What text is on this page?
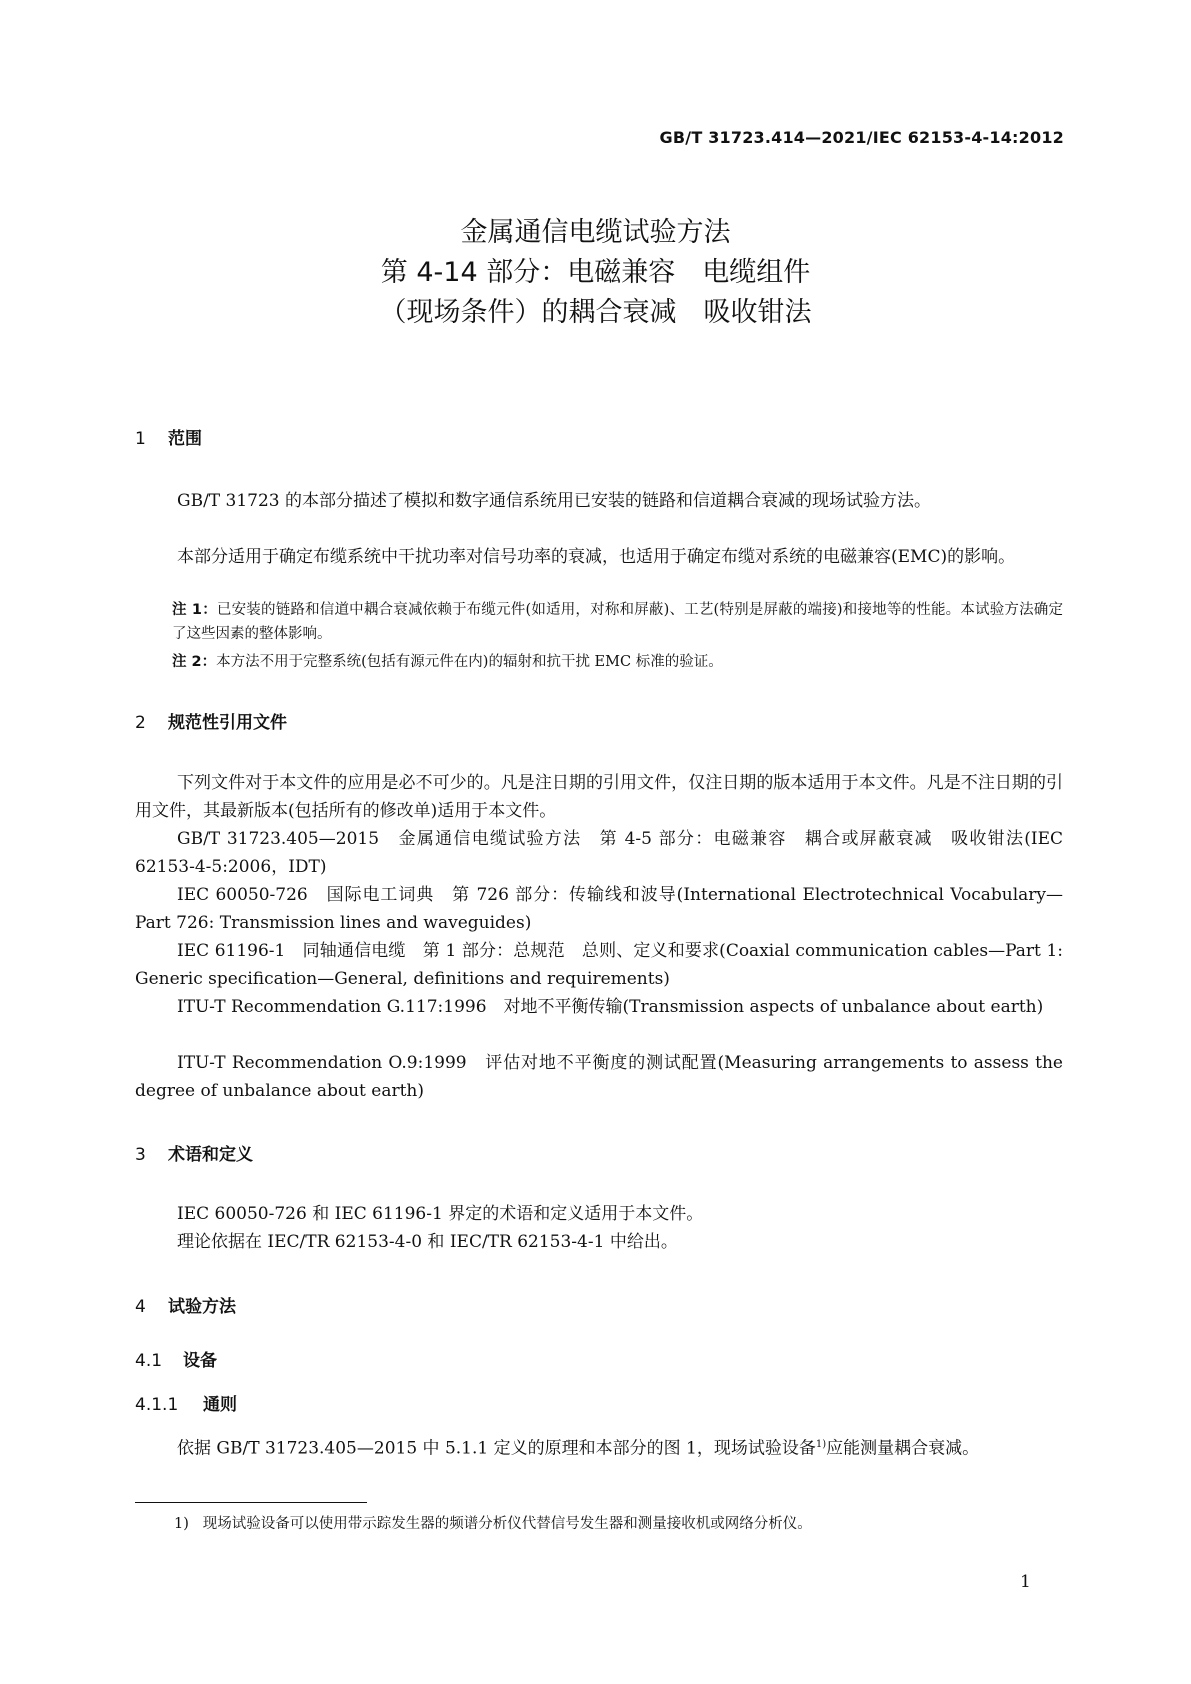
GB/T 31723.414—2021/IEC 62153-4-14:2012
金属通信电缆试验方法
第 4-14 部分：电磁兼容　电缆组件
（现场条件）的耦合衰减　吸收钳法
1 范围
GB/T 31723 的本部分描述了模拟和数字通信系统用已安装的链路和信道耦合衰减的现场试验方法。
本部分适用于确定布缆系统中干扰功率对信号功率的衰减，也适用于确定布缆对系统的电磁兼容(EMC)的影响。
注 1：已安装的链路和信道中耦合衰减依赖于布缆元件(如适用，对称和屏蔽)、工艺(特别是屏蔽的端接)和接地等的性能。本试验方法确定了这些因素的整体影响。
注 2：本方法不用于完整系统(包括有源元件在内)的辐射和抗干扰 EMC 标准的验证。
2 规范性引用文件
下列文件对于本文件的应用是必不可少的。凡是注日期的引用文件，仅注日期的版本适用于本文件。凡是不注日期的引用文件，其最新版本(包括所有的修改单)适用于本文件。
GB/T 31723.405—2015　金属通信电缆试验方法　第 4-5 部分：电磁兼容　耦合或屏蔽衰减　吸收钳法(IEC 62153-4-5:2006，IDT)
IEC 60050-726　国际电工词典　第 726 部分：传输线和波导(International Electrotechnical Vocabulary—Part 726: Transmission lines and waveguides)
IEC 61196-1　同轴通信电缆　第 1 部分：总规范　总则、定义和要求(Coaxial communication cables—Part 1: Generic specification—General, definitions and requirements)
ITU-T Recommendation G.117:1996　对地不平衡传输(Transmission aspects of unbalance about earth)
ITU-T Recommendation O.9:1999　评估对地不平衡度的测试配置(Measuring arrangements to assess the degree of unbalance about earth)
3 术语和定义
IEC 60050-726 和 IEC 61196-1 界定的术语和定义适用于本文件。
理论依据在 IEC/TR 62153-4-0 和 IEC/TR 62153-4-1 中给出。
4 试验方法
4.1 设备
4.1.1 通则
依据 GB/T 31723.405—2015 中 5.1.1 定义的原理和本部分的图 1，现场试验设备$^{1)}$应能测量耦合衰减。
1) 现场试验设备可以使用带示踪发生器的频谱分析仪代替信号发生器和测量接收机或网络分析仪。
1
